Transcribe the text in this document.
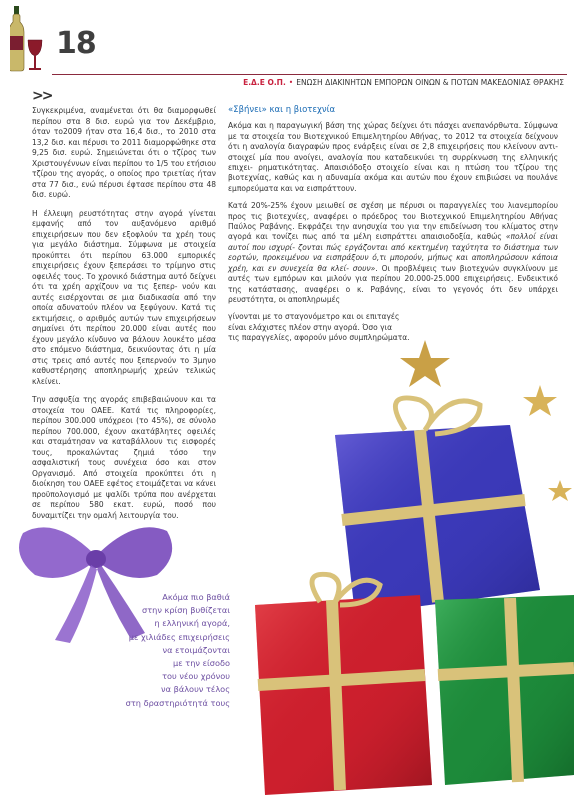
18
Ε.Δ.Ε Ο.Π. • ΕΝΩΣΗ ΔΙΑΚΙΝΗΤΩΝ ΕΜΠΟΡΩΝ ΟΙΝΩΝ & ΠΟΤΩΝ ΜΑΚΕΔΟΝΙΑΣ ΘΡΑΚΗΣ
>>

Συγκεκριμένα, αναμένεται ότι θα διαμορφωθεί περίπου στα 8 δισ. ευρώ για τον Δεκέμβριο, όταν το2009 ήταν στα 16,4 δισ., το 2010 στα 13,2 δισ. και πέρυσι το 2011 διαμορφώθηκε στα 9,25 δισ. ευρώ. Σημειώνεται ότι ο τζίρος των Χριστουγέννων είναι περίπου το 1/5 του ετήσιου τζίρου της αγοράς, ο οποίος προ τριετίας ήταν στα 77 δισ., ενώ πέρυσι έφτασε περίπου στα 48 δισ. ευρώ.

Η έλλειψη ρευστότητας στην αγορά γίνεται εμφανής από τον αυξανόμενο αριθμό επιχειρήσεων που δεν εξοφλούν τα χρέη τους για μεγάλο διάστημα. Σύμφωνα με στοιχεία προκύπτει ότι περίπου 63.000 εμπορικές επιχειρήσεις έχουν ξεπεράσει το τρίμηνο στις οφειλές τους. Το χρονικό διάστημα αυτό δείχνει ότι τα χρέη αρχίζουν να τις ξεπερ- νούν και αυτές εισέρχονται σε μια διαδικασία από την οποία αδυνατούν πλέον να ξεφύγουν. Κατά τις εκτιμήσεις, ο αριθμός αυτών των επιχειρήσεων σημαίνει ότι περίπου 20.000 είναι αυτές που έχουν μεγάλο κίνδυνο να βάλουν λουκέτο μέσα στο επόμενο διάστημα, δεικνύοντας ότι η μία στις τρεις από αυτές που ξεπερνούν το 3μηνο καθυστέρησης αποπληρωμής χρεών τελικώς κλείνει.

Την ασφυξία της αγοράς επιβεβαιώνουν και τα στοιχεία του ΟΑΕΕ. Κατά τις πληροφορίες, περίπου 300.000 υπόχρεοι (το 45%), σε σύνολο περίπου 700.000, έχουν ακατάβλητες οφειλές και σταμάτησαν να καταβάλλουν τις εισφορές τους, προκαλώντας ζημιά τόσο την ασφαλιστική τους συνέχεια όσο και στον Οργανισμό. Από στοιχεία προκύπτει ότι η διοίκηση του ΟΑΕΕ εφέτος ετοιμάζεται να κάνει προϋπολογισμό με ψαλίδι τρύπα που ανέρχεται σε περίπου 580 εκατ. ευρώ, ποσό που δυναμιτίζει την ομαλή λειτουργία του.

«Σβήνει» και η βιοτεχνία

Ακόμα και η παραγωγική βάση της χώρας δείχνει ότι πάσχει ανεπανόρθωτα. Σύμφωνα με τα στοιχεία του Βιοτεχνικού Επιμελητηρίου Αθήνας, το 2012 τα στοιχεία δείχνουν ότι η αναλογία διαγραφών προς ενάρξεις είναι σε 2,8 επιχειρήσεις που κλείνουν αντι- στοιχεί μία που ανοίγει, αναλογία που καταδεικνύει τη συρρίκνωση της ελληνικής επιχει- ρηματικότητας. Απαισιόδοξο στοιχείο είναι και η πτώση του τζίρου της βιοτεχνίας, καθώς και η αδυναμία ακόμα και αυτών που έχουν επιβιώσει να πουλάνε εμπορεύματα και να εισπράττουν.

Κατά 20%-25% έχουν μειωθεί σε σχέση με πέρυσι οι παραγγελίες του λιανεμπορίου προς τις βιοτεχνίες, αναφέρει ο πρόεδρος του Βιοτεχνικού Επιμελητηρίου Αθήνας Παύλος Ραβάνης. Εκφράζει την ανησυχία του για την επιδείνωση του κλίματος στην αγορά και τονίζει πως από τα μέλη εισπράττει απαισιοδοξία, καθώς «πολλοί είναι αυτοί που ισχυρί- ζονται πώς εργάζονται από κεκτημένη ταχύτητα το διάστημα των εορτών, προκειμένου να εισπράξουν ό,τι μπορούν, μήπως και αποπληρώσουν κάποια χρέη, και εν συνεχεία θα κλεί- σουν». Οι προβλέψεις των βιοτεχνών συγκλίνουν με αυτές των εμπόρων και μιλούν για περίπου 20.000-25.000 επιχειρήσεις. Ενδεικτικό της κατάστασης, αναφέρει ο κ. Ραβάνης, είναι το γεγονός ότι δεν υπάρχει ρευστότητα, οι αποπληρωμές

γίνονται με το σταγονόμετρο και οι επιταγές
είναι ελάχιστες πλέον στην αγορά. Όσο για
τις παραγγελίες, αφορούν μόνο συμπληρώματα.
Ακόμα πιο βαθιά
στην κρίση βυθίζεται
η ελληνική αγορά,
με χιλιάδες επιχειρήσεις
να ετοιμάζονται
με την είσοδο
του νέου χρόνου
να βάλουν τέλος
στη δραστηριότητά τους
